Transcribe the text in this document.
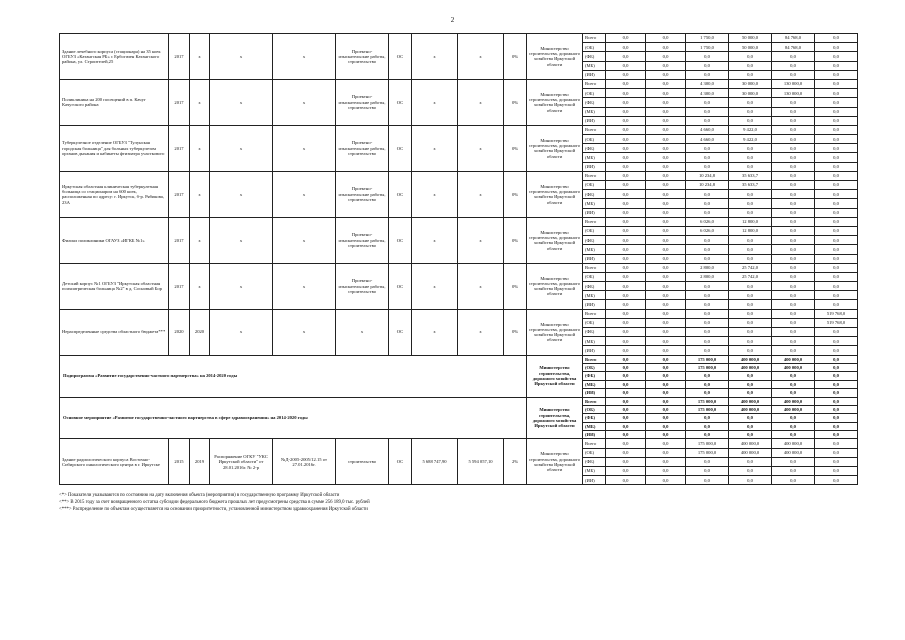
2
Здание лечебного корпуса (стационара) на 35 коек ОГБУЗ «Катангская РБ» с Ербогачен Катангского района, ул. Строителей,25	2017	х	х	х	Проектно-изыскательские работы, строительство	ОС	х	х	0%	Министерство строительства, дорожного хозяйства Иркутской области	Всего	0,0	0,0	1 750,0	50 000,0	84 768,0	0,0
											(ОБ)	0,0	0,0	1 750,0	50 000,0	84 768,0	0,0
											(ФБ)	0,0	0,0	0,0	0,0	0,0	0,0
											(МБ)	0,0	0,0	0,0	0,0	0,0	0,0
											(ИИ)	0,0	0,0	0,0	0,0	0,0	0,0
Поликлиника на 200 посещений в п. Качуг Качугского района	2017	х	х	х	Проектно-изыскательские работы, строительство	ОС	х	х	0%	Министерство строительства, дорожного хозяйства Иркутской области	Всего	0,0	0,0	4 300,0	30 000,0	130 000,0	0,0
											(ОБ)	0,0	0,0	4 300,0	30 000,0	130 000,0	0,0
											(ФБ)	0,0	0,0	0,0	0,0	0,0	0,0
											(МБ)	0,0	0,0	0,0	0,0	0,0	0,0
											(ИИ)	0,0	0,0	0,0	0,0	0,0	0,0
Туберкулезное отделение ОГБУЗ "Тулунская городская больница" для больных туберкулезом органов дыхания и кабинеты фтизиатра участкового	2017	х	х	х	Проектно-изыскательские работы, строительство	ОС	х	х	0%	Министерство строительства, дорожного хозяйства Иркутской области	Всего	0,0	0,0	4 660,0	9 422,0	0,0	0,0
											(ОБ)	0,0	0,0	4 660,0	9 422,0	0,0	0,0
											(ФБ)	0,0	0,0	0,0	0,0	0,0	0,0
											(МБ)	0,0	0,0	0,0	0,0	0,0	0,0
											(ИИ)	0,0	0,0	0,0	0,0	0,0	0,0
Иркутская областная клиническая туберкулезная больница со стационаром на 600 коек, расположенная по адресу: г. Иркутск, б-р. Рябикова, 23А	2017	х	х	х	Проектно-изыскательские работы, строительство	ОС	х	х	0%	Министерство строительства, дорожного хозяйства Иркутской области	Всего	0,0	0,0	10 234,8	35 633,7	0,0	0,0
											(ОБ)	0,0	0,0	10 234,8	35 633,7	0,0	0,0
											(ФБ)	0,0	0,0	0,0	0,0	0,0	0,0
											(МБ)	0,0	0,0	0,0	0,0	0,0	0,0
											(ИИ)	0,0	0,0	0,0	0,0	0,0	0,0
Филиал поликлиники ОГАУЗ «ИГКБ №1»	2017	х	х	х	Проектно-изыскательские работы, строительство	ОС	х	х	0%	Министерство строительства, дорожного хозяйства Иркутской области	Всего	0,0	0,0	6 026,0	12 800,0	0,0	0,0
											(ОБ)	0,0	0,0	6 026,0	12 800,0	0,0	0,0
											(ФБ)	0,0	0,0	0,0	0,0	0,0	0,0
											(МБ)	0,0	0,0	0,0	0,0	0,0	0,0
											(ИИ)	0,0	0,0	0,0	0,0	0,0	0,0
Детский корпус №1 ОГБУЗ "Иркутская областная психиатрическая больница №2" в д. Сосновый Бор	2017	х	х	х	Проектно-изыскательские работы, строительство	ОС	х	х	0%	Министерство строительства, дорожного хозяйства Иркутской области	Всего	0,0	0,0	2 800,0	25 742,0	0,0	0,0
											(ОБ)	0,0	0,0	2 800,0	25 742,0	0,0	0,0
											(ФБ)	0,0	0,0	0,0	0,0	0,0	0,0
											(МБ)	0,0	0,0	0,0	0,0	0,0	0,0
											(ИИ)	0,0	0,0	0,0	0,0	0,0	0,0
Нераспределенные средства областного бюджета***	2020	2020	х	х	х	ОС	х	х	0%	Министерство строительства, дорожного хозяйства Иркутской области	Всего	0,0	0,0	0,0	0,0	0,0	519 768,0
											(ОБ)	0,0	0,0	0,0	0,0	0,0	519 768,0
											(ФБ)	0,0	0,0	0,0	0,0	0,0	0,0
											(МБ)	0,0	0,0	0,0	0,0	0,0	0,0
											(ИИ)	0,0	0,0	0,0	0,0	0,0	0,0
Подпрограмма «Развитие государственно-частного партнерства» на 2014-2020 годы										Министерство строительства, дорожного хозяйства Иркутской области	Всего	0,0	0,0	175 000,0	400 000,0	400 000,0	0,0
											(ОБ)	0,0	0,0	175 000,0	400 000,0	400 000,0	0,0
											(ФБ)	0,0	0,0	0,0	0,0	0,0	0,0
											(МБ)	0,0	0,0	0,0	0,0	0,0	0,0
											(ИИ)	0,0	0,0	0,0	0,0	0,0	0,0
Основное мероприятие «Развитие государственно-частного партнерства в сфере здравоохранения» на 2014-2020 годы										Министерство строительства, дорожного хозяйства Иркутской области	Всего	0,0	0,0	175 000,0	400 000,0	400 000,0	0,0
											(ОБ)	0,0	0,0	175 000,0	400 000,0	400 000,0	0,0
											(ФБ)	0,0	0,0	0,0	0,0	0,0	0,0
											(МБ)	0,0	0,0	0,0	0,0	0,0	0,0
											(ИИ)	0,0	0,0	0,0	0,0	0,0	0,0
Здание радиологического корпуса Восточно-Сибирского онкологического центра в г. Иркутске	2015	2019	Распоряжение ОГКУ "УКС Иркутской области" от 28.01.2016г. № 2-р	№Д-2005-2005/12.15 от 27.01.2016г.	строительство	ОС	5 688 747,90	5 594 057,10	2%	Министерство строительства, дорожного хозяйства Иркутской области	Всего	0,0	0,0	175 000,0	400 000,0	400 000,0	0,0
											(ОБ)	0,0	0,0	175 000,0	400 000,0	400 000,0	0,0
											(ФБ)	0,0	0,0	0,0	0,0	0,0	0,0
											(МБ)	0,0	0,0	0,0	0,0	0,0	0,0
											(ИИ)	0,0	0,0	0,0	0,0	0,0	0,0
<*> Показатели указываются по состоянию на дату включения объекта (мероприятия) в государственную программу Иркутской области
<**> В 2015 году за счет возвращенного остатка субсидии федерального бюджета прошлых лет предусмотрены средства в сумме 256 189,0 тыс. рублей
<***> Распределение по объектам осуществляется на основании приоритетности, установленной министерством здравоохранения Иркутской области
